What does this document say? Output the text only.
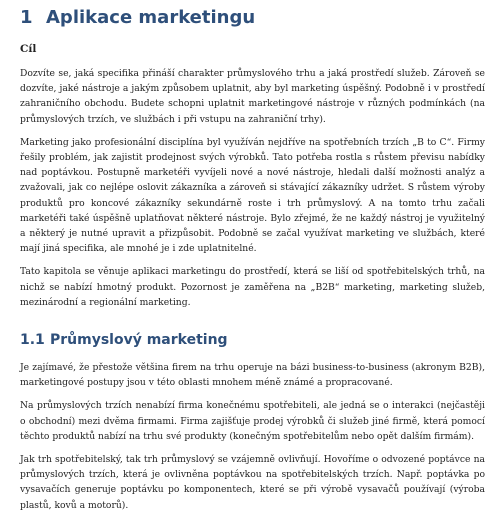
1 Aplikace marketingu
Cíl

Dozvíte se, jaká specifika přináší charakter průmyslového trhu a jaká prostředí služeb. Zároveň se dozvíte, jaké nástroje a jakým způsobem uplatnit, aby byl marketing úspěšný. Podobně i v prostředí zahraničního obchodu. Budete schopni uplatnit marketingové nástroje v různých podmínkách (na průmyslových trzích, ve službách i při vstupu na zahraniční trhy).

Marketing jako profesionální disciplína byl využíván nejdříve na spotřebních trzích „B to C“. Firmy řešily problém, jak zajistit prodejnost svých výrobků. Tato potřeba rostla s růstem převisu nabídky nad poptávkou. Postupně marketéři vyvíjeli nové a nové nástroje, hledali další možnosti analýz a zvažovali, jak co nejlépe oslovit zákazníka a zároveň si stávající zákazníky udržet. S růstem výroby produktů pro koncové zákazníky sekundárně roste i trh průmyslový. A na tomto trhu začali marketéři také úspěšně uplatňovat některé nástroje. Bylo zřejmé, že ne každý nástroj je využitelný a některý je nutné upravit a přizpůsobit. Podobně se začal využívat marketing ve službách, které mají jiná specifika, ale mnohé je i zde uplatnitelné.

Tato kapitola se věnuje aplikaci marketingu do prostředí, která se liší od spotřebitelských trhů, na nichž se nabízí hmotný produkt. Pozornost je zaměřena na „B2B“ marketing, marketing služeb, mezinárodní a regionální marketing.

1.1 Průmyslový marketing

Je zajímavé, že přestože většina firem na trhu operuje na bázi business-to-business (akronym B2B), marketingové postupy jsou v této oblasti mnohem méně známé a propracované.

Na průmyslových trzích nenabízí firma konečnému spotřebiteli, ale jedná se o interakci (nejčastěji o obchodní) mezi dvěma firmami. Firma zajišťuje prodej výrobků či služeb jiné firmě, která pomocí těchto produktů nabízí na trhu své produkty (konečným spotřebitelům nebo opět dalším firmám).

Jak trh spotřebitelský, tak trh průmyslový se vzájemně ovlivňují. Hovoříme o odvozené poptávce na průmyslových trzích, která je ovlivněna poptávkou na spotřebitelských trzích. Např. poptávka po vysavačích generuje poptávku po komponentech, které se při výrobě vysavačů používají (výroba plastů, kovů a motorů).
